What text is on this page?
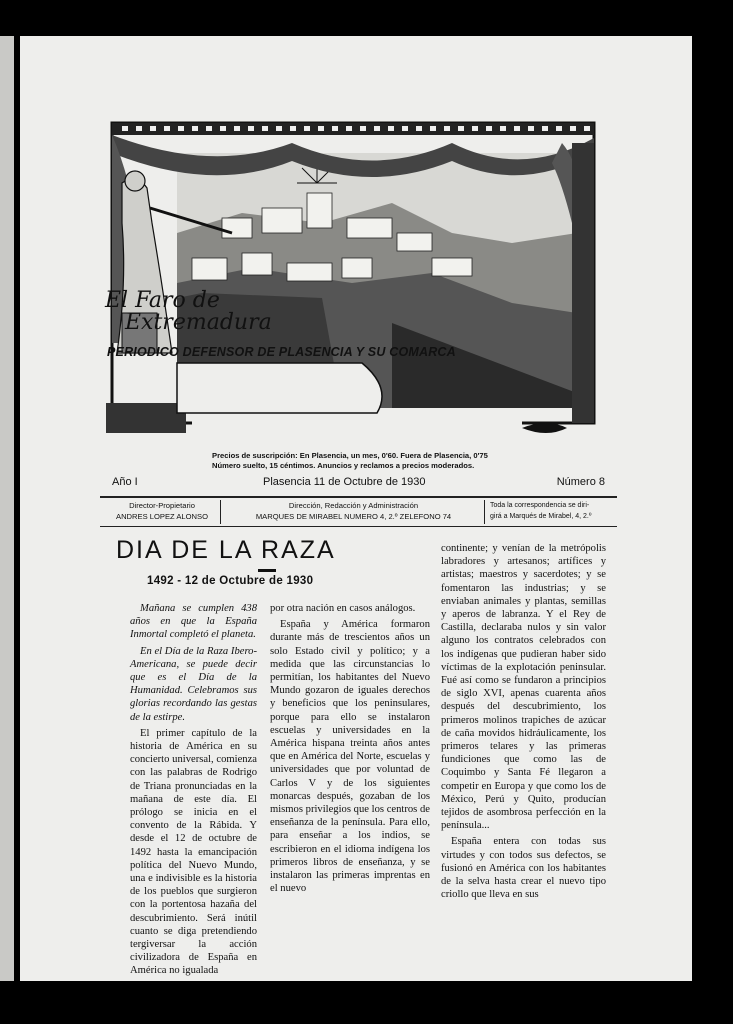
El Faro de
Extremadura
PERIODICO DEFENSOR DE PLASENCIA Y SU COMARCA
Precios de suscripción: En Plasencia, un mes, 0'60. Fuera de Plasencia, 0'75
Número suelto, 15 céntimos. Anuncios y reclamos a precios moderados.
Año I	Plasencia 11 de Octubre de 1930	Número 8
Director-Propietario
ANDRES LOPEZ ALONSO
Dirección, Redacción y Administración
MARQUES DE MIRABEL NUMERO 4, 2.º ZELEFONO 74
Toda la correspondencia se diri-
girá a Marqués de Mirabel, 4, 2.º
DIA DE LA RAZA
1492 - 12 de Octubre de 1930

Mañana se cumplen 438 años en que la España Inmortal completó el planeta.

En el Día de la Raza Ibero-Americana, se puede decir que es el Día de la Humanidad. Celebramos sus glorias recordando las gestas de la estirpe.

El primer capítulo de la historia de América en su concierto universal, comienza con las palabras de Rodrigo de Triana pronunciadas en la mañana de este día. El prólogo se inicia en el convento de la Rábida. Y desde el 12 de octubre de 1492 hasta la emancipación política del Nuevo Mundo, una e indivisible es la historia de los pueblos que surgieron con la portentosa hazaña del descubrimiento. Será inútil cuanto se diga pretendiendo tergiversar la acción civilizadora de España en América no igualada

por otra nación en casos análogos.

España y América formaron durante más de trescientos años un solo Estado civil y político; y a medida que las circunstancias lo permitían, los habitantes del Nuevo Mundo gozaron de iguales derechos y beneficios que los peninsulares, porque para ello se instalaron escuelas y universidades en la América hispana treinta años antes que en América del Norte, escuelas y universidades que por voluntad de Carlos V y de los siguientes monarcas después, gozaban de los mismos privilegios que los centros de enseñanza de la península. Para ello, para enseñar a los indios, se escribieron en el idioma indígena los primeros libros de enseñanza, y se instalaron las primeras imprentas en el nuevo

continente; y venían de la metrópolis labradores y artesanos; artífices y artistas; maestros y sacerdotes; y se fomentaron las industrias; y se enviaban animales y plantas, semillas y aperos de labranza. Y el Rey de Castilla, declaraba nulos y sin valor alguno los contratos celebrados con los indígenas que pudieran haber sido víctimas de la explotación peninsular. Fué así como se fundaron a principios de siglo XVI, apenas cuarenta años después del descubrimiento, los primeros molinos trapiches de azúcar de caña movidos hidráulicamente, los primeros telares y las primeras fundiciones que como las de Coquimbo y Santa Fé llegaron a competir en Europa y que como los de México, Perú y Quito, producían tejidos de asombrosa perfección en la península...

España entera con todas sus virtudes y con todos sus defectos, se fusionó en América con los habitantes de la selva hasta crear el nuevo tipo criollo que lleva en sus
